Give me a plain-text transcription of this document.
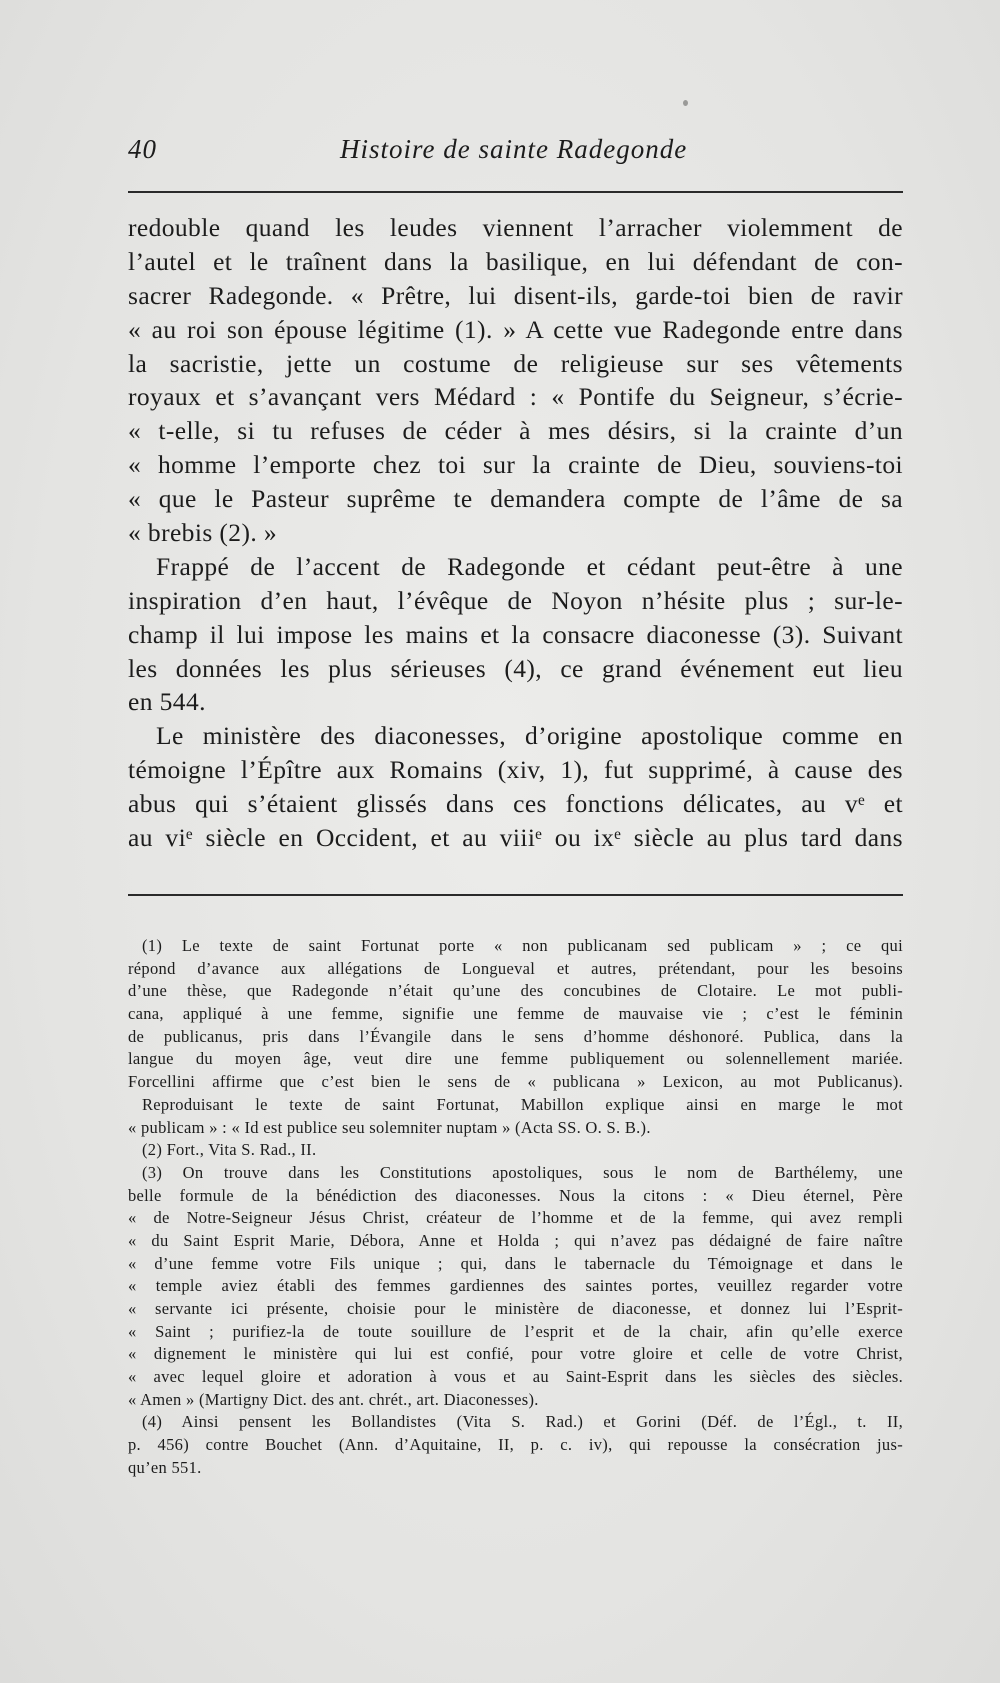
40	Histoire de sainte Radegonde
redouble quand les leudes viennent l’arracher violemment de
l’autel et le traînent dans la basilique, en lui défendant de con-
sacrer Radegonde. « Prêtre, lui disent-ils, garde-toi bien de ravir
« au roi son épouse légitime (1). » A cette vue Radegonde entre dans
la sacristie, jette un costume de religieuse sur ses vêtements
royaux et s’avançant vers Médard : « Pontife du Seigneur, s’écrie-
« t-elle, si tu refuses de céder à mes désirs, si la crainte d’un
« homme l’emporte chez toi sur la crainte de Dieu, souviens-toi
« que le Pasteur suprême te demandera compte de l’âme de sa
« brebis (2). »
Frappé de l’accent de Radegonde et cédant peut-être à une
inspiration d’en haut, l’évêque de Noyon n’hésite plus ; sur-le-
champ il lui impose les mains et la consacre diaconesse (3). Suivant
les données les plus sérieuses (4), ce grand événement eut lieu
en 544.
Le ministère des diaconesses, d’origine apostolique comme en
témoigne l’Épître aux Romains (xiv, 1), fut supprimé, à cause des
abus qui s’étaient glissés dans ces fonctions délicates, au vᵉ et
au viᵉ siècle en Occident, et au viiiᵉ ou ixᵉ siècle au plus tard dans
(1) Le texte de saint Fortunat porte « non publicanam sed publicam » ; ce qui
répond d’avance aux allégations de Longueval et autres, prétendant, pour les besoins
d’une thèse, que Radegonde n’était qu’une des concubines de Clotaire. Le mot publi-
cana, appliqué à une femme, signifie une femme de mauvaise vie ; c’est le féminin
de publicanus, pris dans l’Évangile dans le sens d’homme déshonoré. Publica, dans la
langue du moyen âge, veut dire une femme publiquement ou solennellement mariée.
Forcellini affirme que c’est bien le sens de « publicana » Lexicon, au mot Publicanus).
Reproduisant le texte de saint Fortunat, Mabillon explique ainsi en marge le mot
« publicam » : « Id est publice seu solemniter nuptam » (Acta SS. O. S. B.).
(2) Fort., Vita S. Rad., II.
(3) On trouve dans les Constitutions apostoliques, sous le nom de Barthélemy, une
belle formule de la bénédiction des diaconesses. Nous la citons : « Dieu éternel, Père
« de Notre-Seigneur Jésus Christ, créateur de l’homme et de la femme, qui avez rempli
« du Saint Esprit Marie, Débora, Anne et Holda ; qui n’avez pas dédaigné de faire naître
« d’une femme votre Fils unique ; qui, dans le tabernacle du Témoignage et dans le
« temple aviez établi des femmes gardiennes des saintes portes, veuillez regarder votre
« servante ici présente, choisie pour le ministère de diaconesse, et donnez lui l’Esprit-
« Saint ; purifiez-la de toute souillure de l’esprit et de la chair, afin qu’elle exerce
« dignement le ministère qui lui est confié, pour votre gloire et celle de votre Christ,
« avec lequel gloire et adoration à vous et au Saint-Esprit dans les siècles des siècles.
« Amen » (Martigny Dict. des ant. chrét., art. Diaconesses).
(4) Ainsi pensent les Bollandistes (Vita S. Rad.) et Gorini (Déf. de l’Égl., t. II,
p. 456) contre Bouchet (Ann. d’Aquitaine, II, p. c. iv), qui repousse la consécration jus-
qu’en 551.
